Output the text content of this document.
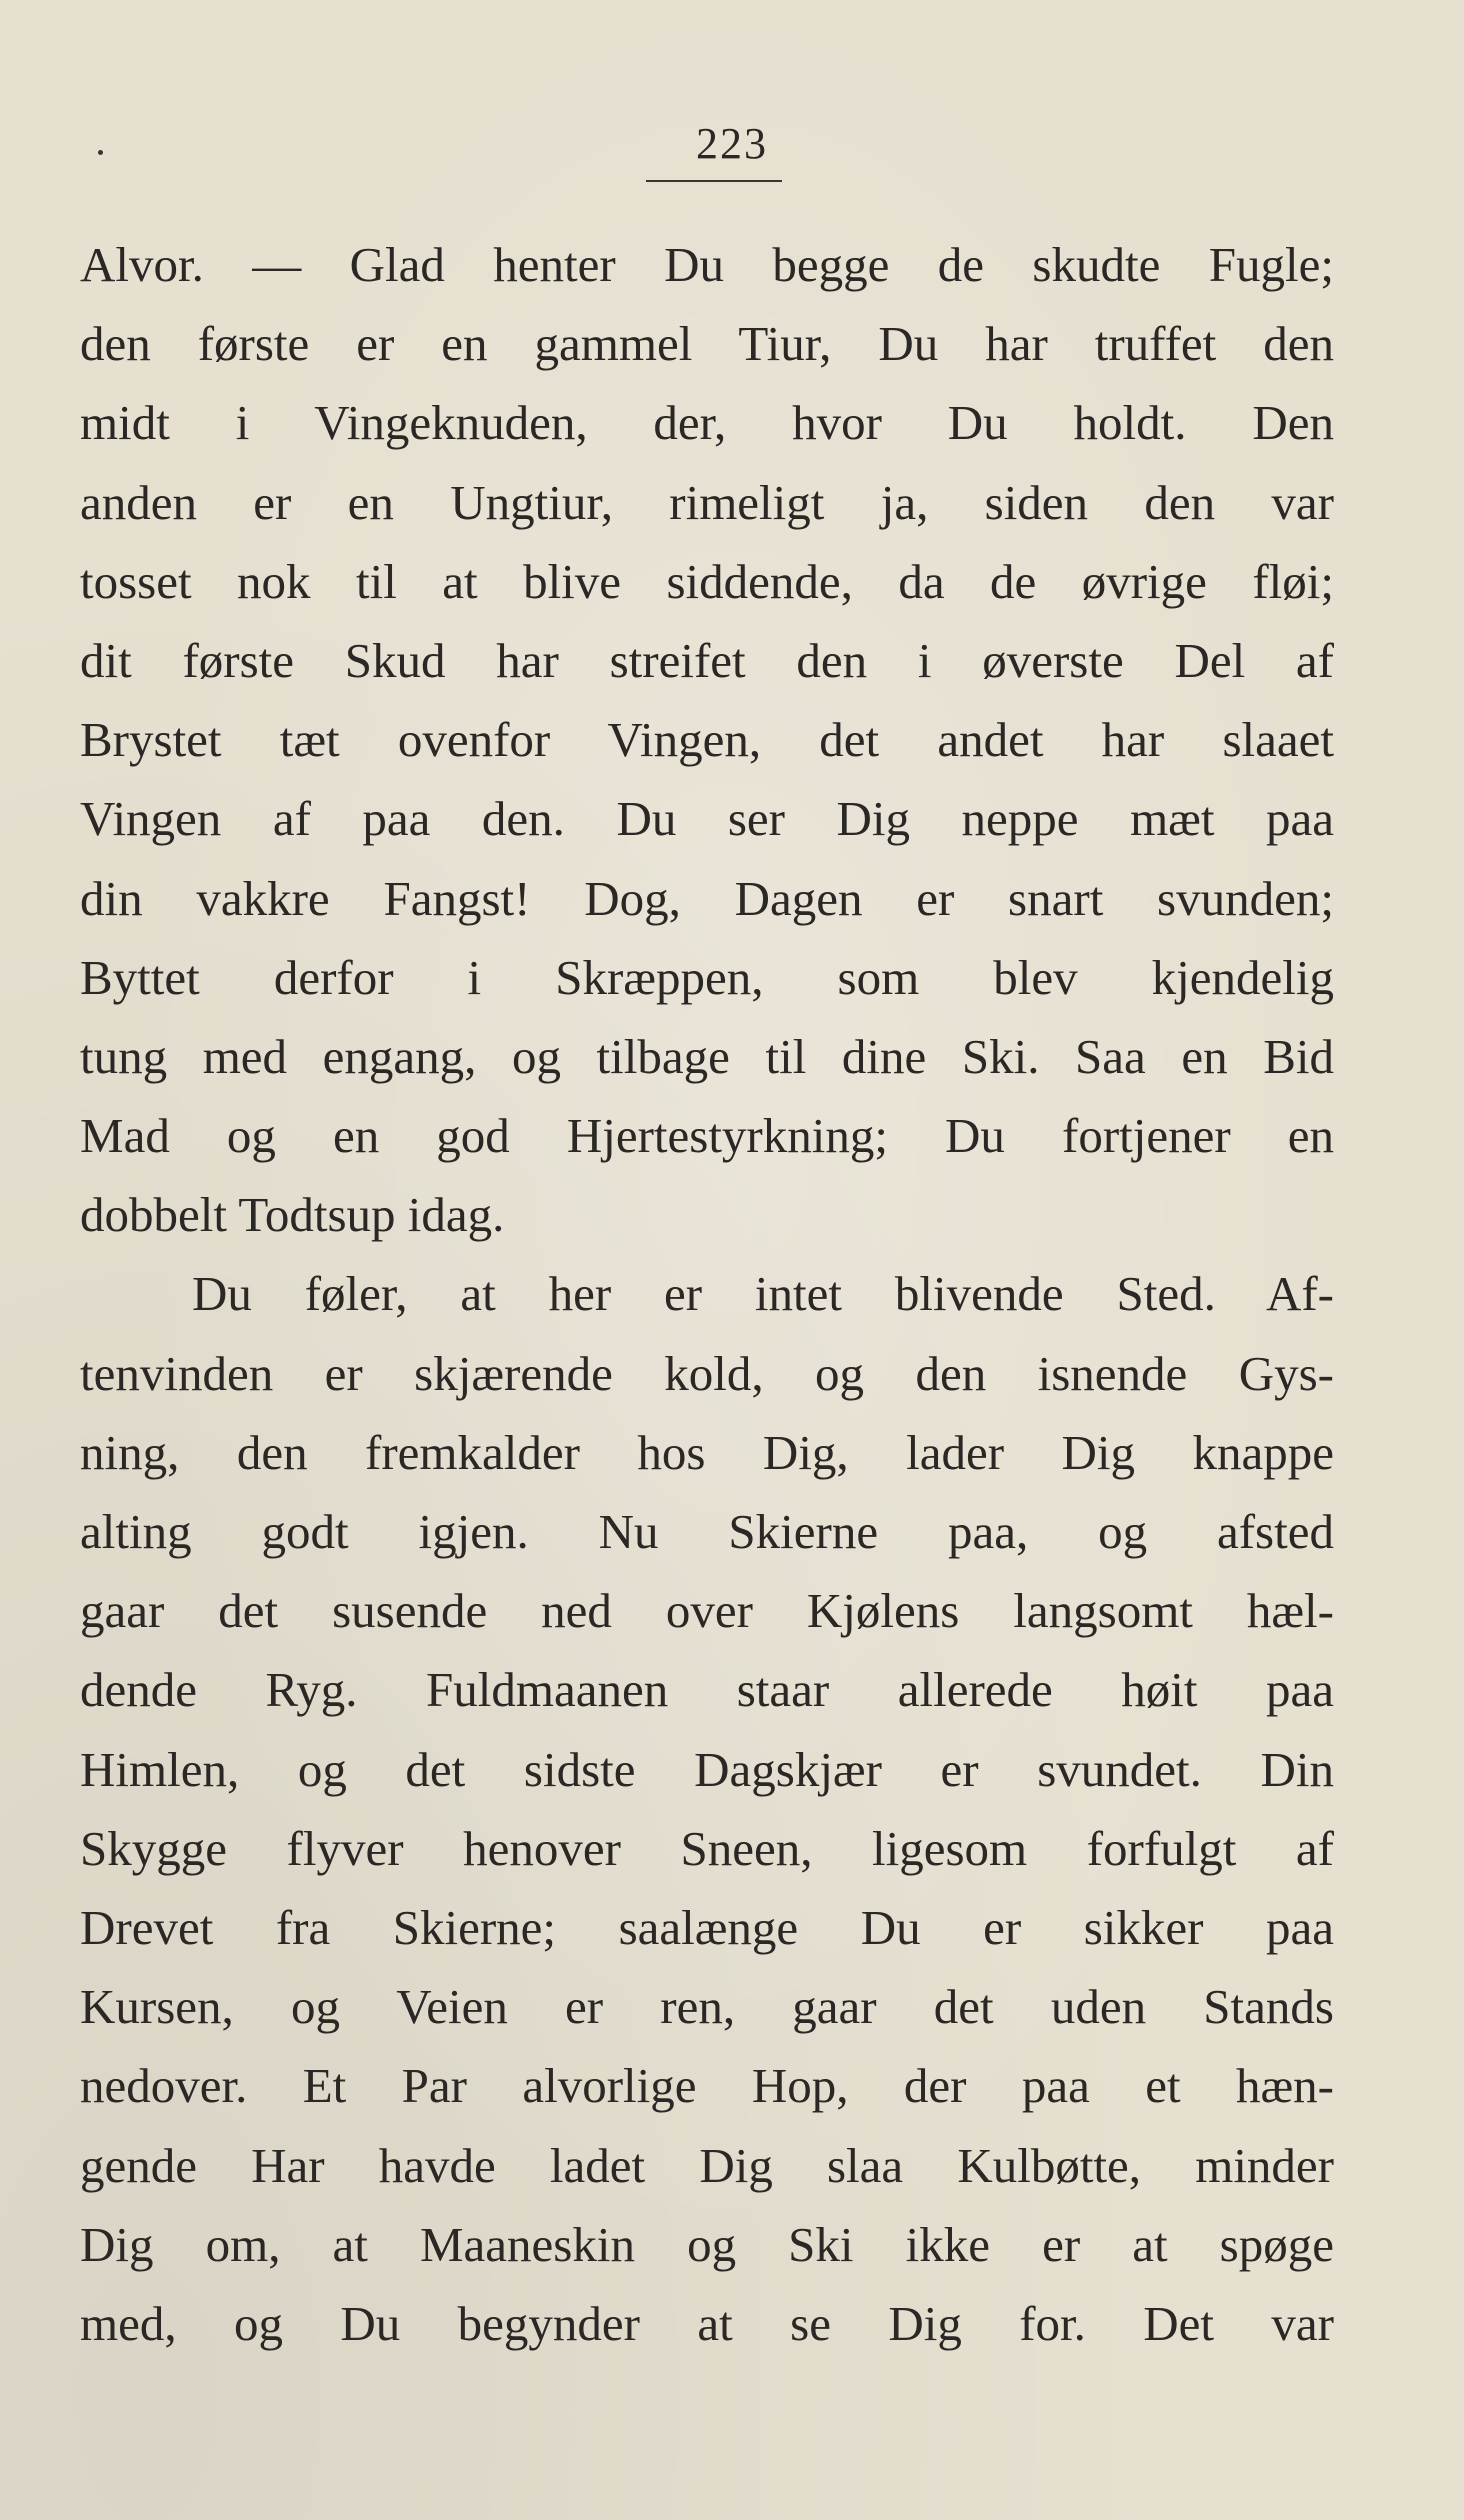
223
Alvor. — Glad henter Du begge de skudte Fugle;
den første er en gammel Tiur, Du har truffet den
midt i Vingeknuden, der, hvor Du holdt. Den
anden er en Ungtiur, rimeligt ja, siden den var
tosset nok til at blive siddende, da de øvrige fløi;
dit første Skud har streifet den i øverste Del af
Brystet tæt ovenfor Vingen, det andet har slaaet
Vingen af paa den. Du ser Dig neppe mæt paa
din vakkre Fangst! Dog, Dagen er snart svunden;
Byttet derfor i Skræppen, som blev kjendelig
tung med engang, og tilbage til dine Ski. Saa en Bid
Mad og en god Hjertestyrkning; Du fortjener en
dobbelt Todtsup idag.
Du føler, at her er intet blivende Sted. Af-
tenvinden er skjærende kold, og den isnende Gys-
ning, den fremkalder hos Dig, lader Dig knappe
alting godt igjen. Nu Skierne paa, og afsted
gaar det susende ned over Kjølens langsomt hæl-
dende Ryg. Fuldmaanen staar allerede høit paa
Himlen, og det sidste Dagskjær er svundet. Din
Skygge flyver henover Sneen, ligesom forfulgt af
Drevet fra Skierne; saalænge Du er sikker paa
Kursen, og Veien er ren, gaar det uden Stands
nedover. Et Par alvorlige Hop, der paa et hæn-
gende Har havde ladet Dig slaa Kulbøtte, minder
Dig om, at Maaneskin og Ski ikke er at spøge
med, og Du begynder at se Dig for. Det var
